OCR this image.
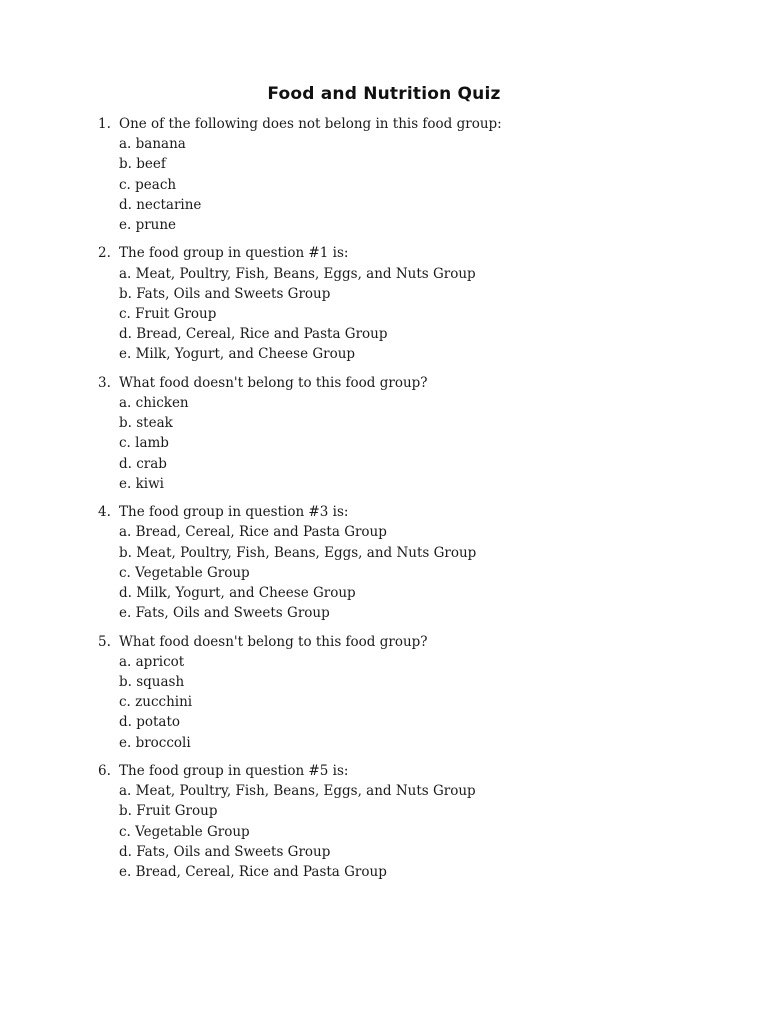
Food and Nutrition Quiz
1. One of the following does not belong in this food group:
a. banana
b. beef
c. peach
d. nectarine
e. prune
2. The food group in question #1 is:
a. Meat, Poultry, Fish, Beans, Eggs, and Nuts Group
b. Fats, Oils and Sweets Group
c. Fruit Group
d. Bread, Cereal, Rice and Pasta Group
e. Milk, Yogurt, and Cheese Group
3. What food doesn't belong to this food group?
a. chicken
b. steak
c. lamb
d. crab
e. kiwi
4. The food group in question #3 is:
a. Bread, Cereal, Rice and Pasta Group
b. Meat, Poultry, Fish, Beans, Eggs, and Nuts Group
c. Vegetable Group
d. Milk, Yogurt, and Cheese Group
e. Fats, Oils and Sweets Group
5. What food doesn't belong to this food group?
a. apricot
b. squash
c. zucchini
d. potato
e. broccoli
6. The food group in question #5 is:
a. Meat, Poultry, Fish, Beans, Eggs, and Nuts Group
b. Fruit Group
c. Vegetable Group
d. Fats, Oils and Sweets Group
e. Bread, Cereal, Rice and Pasta Group
